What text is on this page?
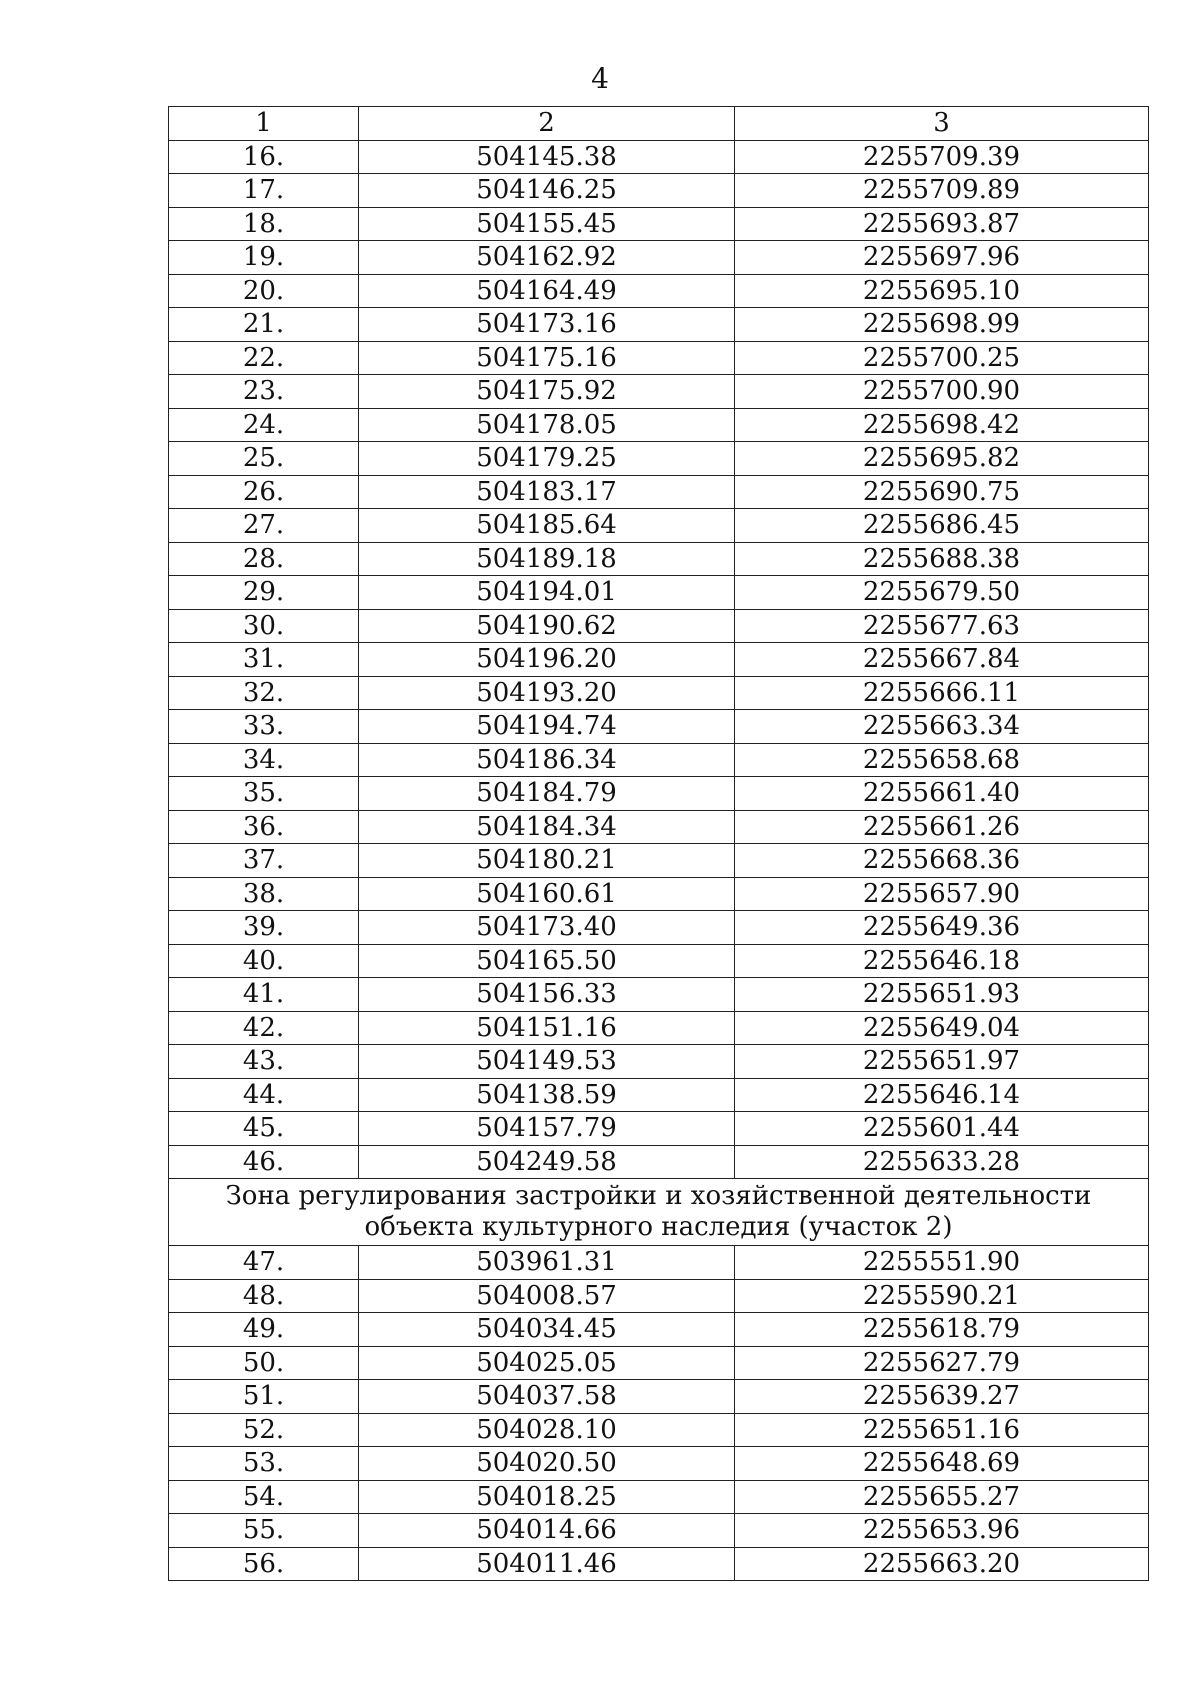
4
1	2	3
16.	504145.38	2255709.39
17.	504146.25	2255709.89
18.	504155.45	2255693.87
19.	504162.92	2255697.96
20.	504164.49	2255695.10
21.	504173.16	2255698.99
22.	504175.16	2255700.25
23.	504175.92	2255700.90
24.	504178.05	2255698.42
25.	504179.25	2255695.82
26.	504183.17	2255690.75
27.	504185.64	2255686.45
28.	504189.18	2255688.38
29.	504194.01	2255679.50
30.	504190.62	2255677.63
31.	504196.20	2255667.84
32.	504193.20	2255666.11
33.	504194.74	2255663.34
34.	504186.34	2255658.68
35.	504184.79	2255661.40
36.	504184.34	2255661.26
37.	504180.21	2255668.36
38.	504160.61	2255657.90
39.	504173.40	2255649.36
40.	504165.50	2255646.18
41.	504156.33	2255651.93
42.	504151.16	2255649.04
43.	504149.53	2255651.97
44.	504138.59	2255646.14
45.	504157.79	2255601.44
46.	504249.58	2255633.28
Зона регулирования застройки и хозяйственной деятельности объекта культурного наследия (участок 2)		
47.	503961.31	2255551.90
48.	504008.57	2255590.21
49.	504034.45	2255618.79
50.	504025.05	2255627.79
51.	504037.58	2255639.27
52.	504028.10	2255651.16
53.	504020.50	2255648.69
54.	504018.25	2255655.27
55.	504014.66	2255653.96
56.	504011.46	2255663.20
